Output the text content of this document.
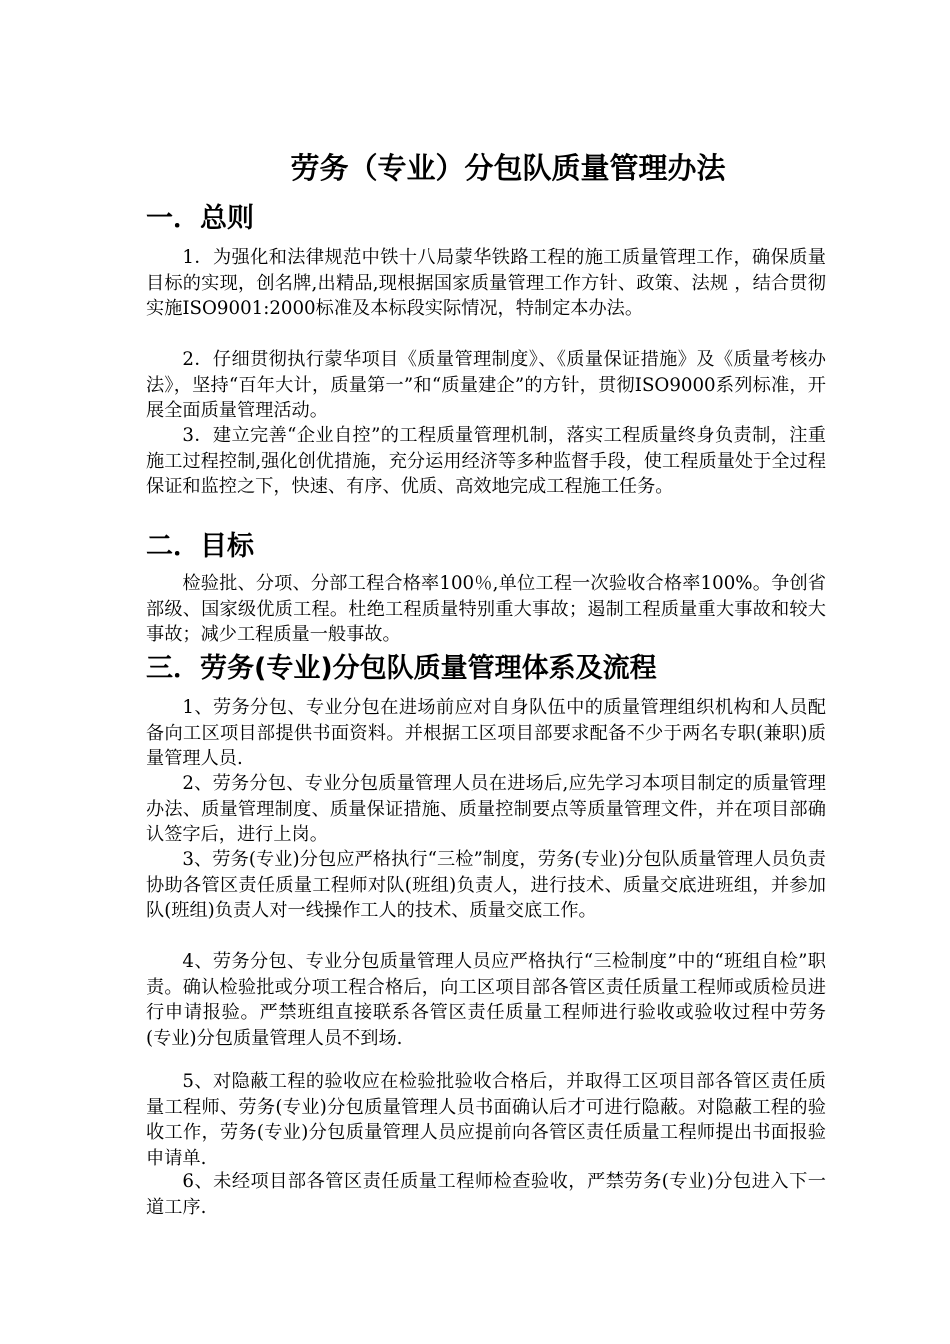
劳务（专业）分包队质量管理办法
一．总则

1．为强化和法律规范中铁十八局蒙华铁路工程的施工质量管理工作，确保质量目标的实现，创名牌,出精品,现根据国家质量管理工作方针、政策、法规 ，结合贯彻实施ISO9001:2000标准及本标段实际情况，特制定本办法。

2．仔细贯彻执行蒙华项目《质量管理制度》、《质量保证措施》及《质量考核办法》，坚持“百年大计，质量第一”和“质量建企”的方针，贯彻ISO9000系列标准，开展全面质量管理活动。

3．建立完善“企业自控”的工程质量管理机制，落实工程质量终身负责制，注重施工过程控制,强化创优措施，充分运用经济等多种监督手段，使工程质量处于全过程保证和监控之下，快速、有序、优质、高效地完成工程施工任务。

二．目标

检验批、分项、分部工程合格率100％,单位工程一次验收合格率100%。争创省部级、国家级优质工程。杜绝工程质量特别重大事故；遏制工程质量重大事故和较大事故；减少工程质量一般事故。

三．劳务(专业)分包队质量管理体系及流程

1、劳务分包、专业分包在进场前应对自身队伍中的质量管理组织机构和人员配备向工区项目部提供书面资料。并根据工区项目部要求配备不少于两名专职(兼职)质量管理人员.

2、劳务分包、专业分包质量管理人员在进场后,应先学习本项目制定的质量管理办法、质量管理制度、质量保证措施、质量控制要点等质量管理文件，并在项目部确认签字后，进行上岗。

3、劳务(专业)分包应严格执行“三检”制度，劳务(专业)分包队质量管理人员负责协助各管区责任质量工程师对队(班组)负责人，进行技术、质量交底进班组，并参加队(班组)负责人对一线操作工人的技术、质量交底工作。

4、劳务分包、专业分包质量管理人员应严格执行“三检制度”中的“班组自检”职责。确认检验批或分项工程合格后，向工区项目部各管区责任质量工程师或质检员进行申请报验。严禁班组直接联系各管区责任质量工程师进行验收或验收过程中劳务(专业)分包质量管理人员不到场.

5、对隐蔽工程的验收应在检验批验收合格后，并取得工区项目部各管区责任质量工程师、劳务(专业)分包质量管理人员书面确认后才可进行隐蔽。对隐蔽工程的验收工作，劳务(专业)分包质量管理人员应提前向各管区责任质量工程师提出书面报验申请单.

6、未经项目部各管区责任质量工程师检查验收，严禁劳务(专业)分包进入下一道工序.
